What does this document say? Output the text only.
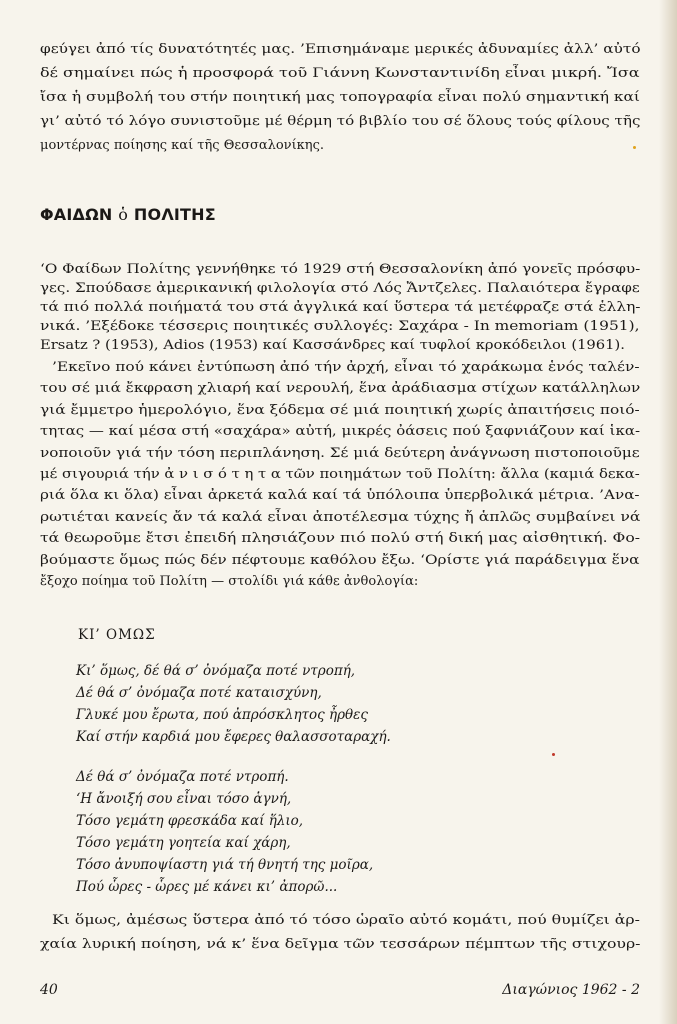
φεύγει ἀπό τίς δυνατότητές μας. ’Επισημάναμε μερικές ἀδυναμίες ἀλλ’ αὐτό
δέ σημαίνει πώς ἡ προσφορά τοῦ Γιάννη Κωνσταντινίδη εἶναι μικρή. Ἴσα
ἴσα ἡ συμβολή του στήν ποιητική μας τοπογραφία εἶναι πολύ σημαντική καί
γι’ αὐτό τό λόγο συνιστοῦμε μέ θέρμη τό βιβλίο του σέ ὅλους τούς φίλους τῆς
μοντέρνας ποίησης καί τῆς Θεσσαλονίκης.
ΦΑΙΔΩΝ ὁ ΠΟΛΙΤΗΣ
‘Ο Φαίδων Πολίτης γεννήθηκε τό 1929 στή Θεσσαλονίκη ἀπό γονεῖς πρόσφυ-
γες. Σπούδασε ἀμερικανική φιλολογία στό Λός Ἄντζελες. Παλαιότερα ἔγραφε
τά πιό πολλά ποιήματά του στά ἀγγλικά καί ὕστερα τά μετέφραζε στά ἑλλη-
νικά. ’Εξέδοκε τέσσερις ποιητικές συλλογές: Σαχάρα - In memoriam (1951),
Ersatz ? (1953), Adios (1953) καί Κασσάνδρες καί τυφλοί κροκόδειλοι (1961).
’Εκεῖνο πού κάνει ἐντύπωση ἀπό τήν ἀρχή, εἶναι τό χαράκωμα ἑνός ταλέν-
του σέ μιά ἔκφραση χλιαρή καί νερουλή, ἕνα ἀράδιασμα στίχων κατάλληλων
γιά ἔμμετρο ἡμερολόγιο, ἕνα ξόδεμα σέ μιά ποιητική χωρίς ἀπαιτήσεις ποιό-
τητας — καί μέσα στή «σαχάρα» αὐτή, μικρές ὀάσεις πού ξαφνιάζουν καί ἱκα-
νοποιοῦν γιά τήν τόση περιπλάνηση. Σέ μιά δεύτερη ἀνάγνωση πιστοποιοῦμε
μέ σιγουριά τήν ἀ ν ι σ ό τ η τ α τῶν ποιημάτων τοῦ Πολίτη: ἄλλα (καμιά δεκα-
ριά ὅλα κι ὅλα) εἶναι ἀρκετά καλά καί τά ὑπόλοιπα ὑπερβολικά μέτρια. ’Ανα-
ρωτιέται κανείς ἄν τά καλά εἶναι ἀποτέλεσμα τύχης ἤ ἁπλῶς συμβαίνει νά
τά θεωροῦμε ἔτσι ἐπειδή πλησιάζουν πιό πολύ στή δική μας αἰσθητική. Φο-
βούμαστε ὅμως πώς δέν πέφτουμε καθόλου ἔξω. ‘Ορίστε γιά παράδειγμα ἕνα
ἔξοχο ποίημα τοῦ Πολίτη — στολίδι γιά κάθε ἀνθολογία:
ΚΙ’ ΟΜΩΣ
Κι’ ὅμως, δέ θά σ’ ὀνόμαζα ποτέ ντροπή,
Δέ θά σ’ ὀνόμαζα ποτέ καταισχύνη,
Γλυκέ μου ἔρωτα, πού ἀπρόσκλητος ἦρθες
Καί στήν καρδιά μου ἔφερες θαλασσοταραχή.
Δέ θά σ’ ὀνόμαζα ποτέ ντροπή.
‘Η ἄνοιξή σου εἶναι τόσο ἁγνή,
Τόσο γεμάτη φρεσκάδα καί ἥλιο,
Τόσο γεμάτη γοητεία καί χάρη,
Τόσο ἀνυποψίαστη γιά τή θνητή της μοῖρα,
Πού ὧρες - ὧρες μέ κάνει κι’ ἀπορῶ...
Κι ὅμως, ἀμέσως ὕστερα ἀπό τό τόσο ὡραῖο αὐτό κομάτι, πού θυμίζει ἀρ-
χαία λυρική ποίηση, νά κ’ ἕνα δεῖγμα τῶν τεσσάρων πέμπτων τῆς στιχουρ-
40	Διαγώνιος 1962 - 2
